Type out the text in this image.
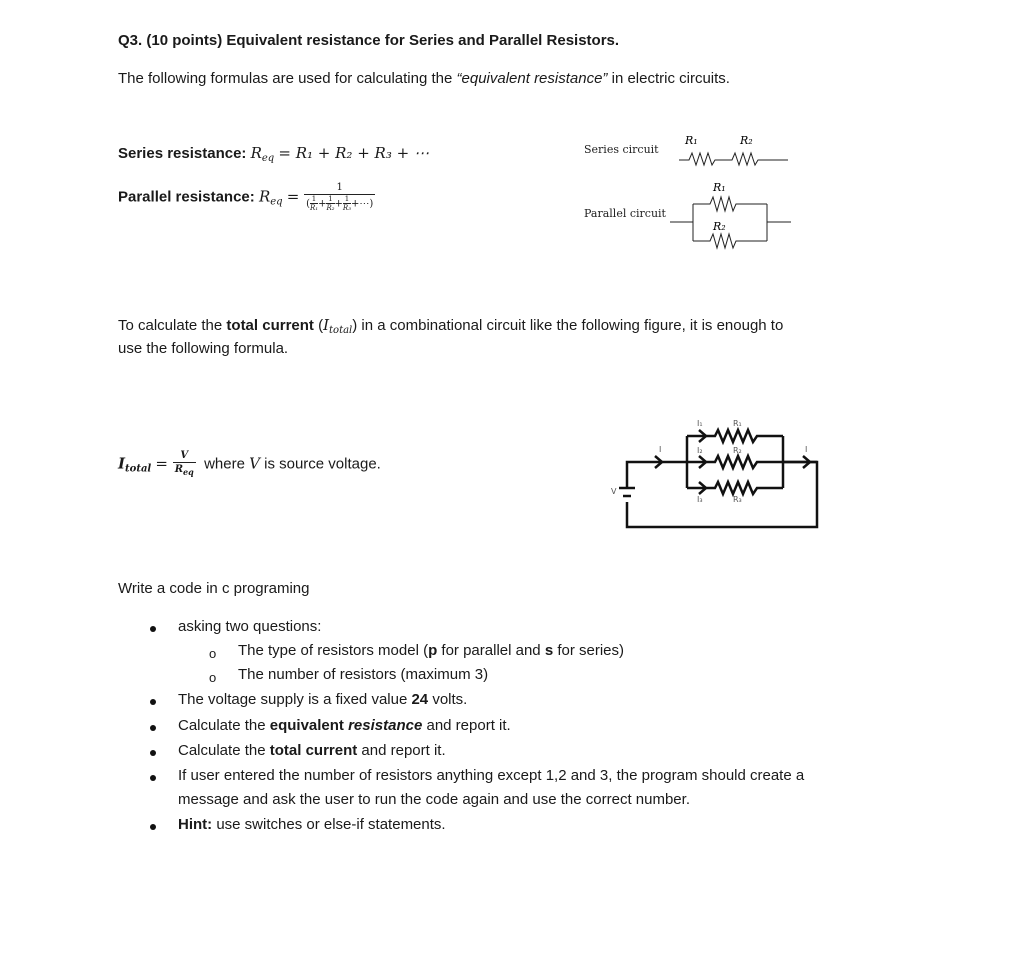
Q3. (10 points) Equivalent resistance for Series and Parallel Resistors.
The following formulas are used for calculating the “equivalent resistance” in electric circuits.
Series resistance: $R_{eq} = R_1 + R_2 + R_3$ + ⋯
Parallel resistance: $R_{eq} = \frac{1}{( \frac{1}{\text{R₁}} + \frac{1}{\text{R₂}} + \frac{1}{\text{R₃}} +\cdots)}$
Series circuit
R₁	R₂
Parallel circuit
R₁
R₂
To calculate the total current $(I_{total})$ in a combinational circuit like the following figure, it is enough to
use the following formula.
$I_{total} = \frac{V}{R_{eq}}$ where V is source voltage.
I
I₁
I₂
I₃
R₁
R₂
R₃
I
V
Write a code in c programing
asking two questions:
o The type of resistors model (p for parallel and s for series)
o The number of resistors (maximum 3)
The voltage supply is a fixed value 24 volts.
Calculate the equivalent resistance and report it.
Calculate the total current and report it.
If user entered the number of resistors anything except 1,2 and 3, the program should create a
message and ask the user to run the code again and use the correct number.
Hint: use switches or else-if statements.
